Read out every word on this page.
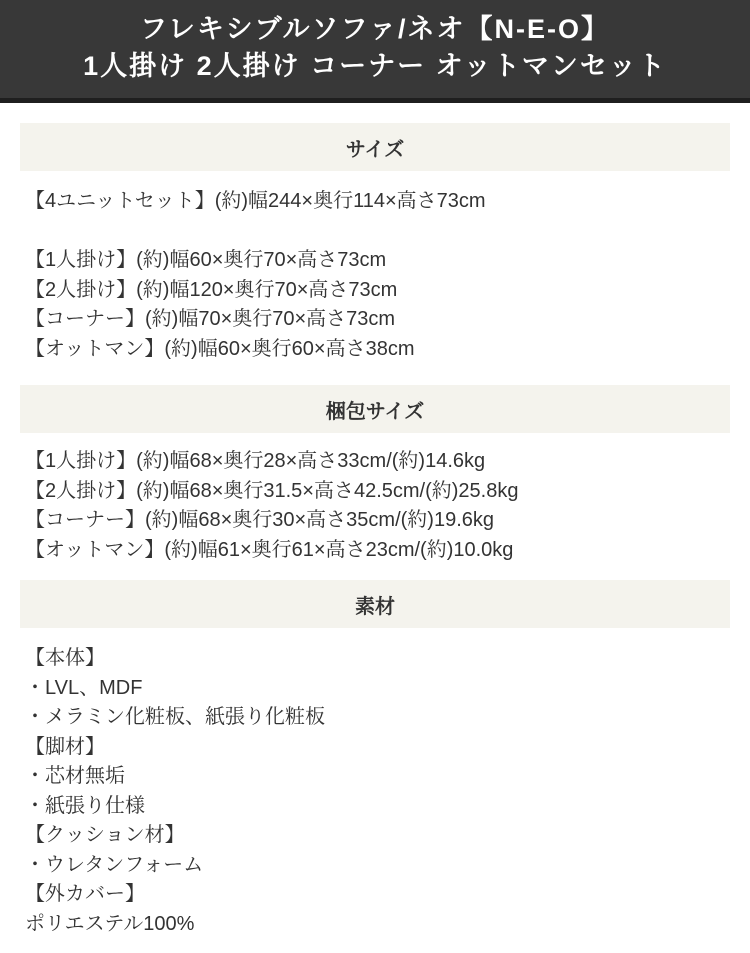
フレキシブルソファ/ネオ【N-E-O】
1人掛け 2人掛け コーナー オットマンセット
サイズ
【4ユニットセット】(約)幅244×奥行114×高さ73cm
【1人掛け】(約)幅60×奥行70×高さ73cm
【2人掛け】(約)幅120×奥行70×高さ73cm
【コーナー】(約)幅70×奥行70×高さ73cm
【オットマン】(約)幅60×奥行60×高さ38cm
梱包サイズ
【1人掛け】(約)幅68×奥行28×高さ33cm/(約)14.6kg
【2人掛け】(約)幅68×奥行31.5×高さ42.5cm/(約)25.8kg
【コーナー】(約)幅68×奥行30×高さ35cm/(約)19.6kg
【オットマン】(約)幅61×奥行61×高さ23cm/(約)10.0kg
素材
【本体】
・LVL、MDF
・メラミン化粧板、紙張り化粧板
【脚材】
・芯材無垢
・紙張り仕様
【クッション材】
・ウレタンフォーム
【外カバー】
ポリエステル100%
